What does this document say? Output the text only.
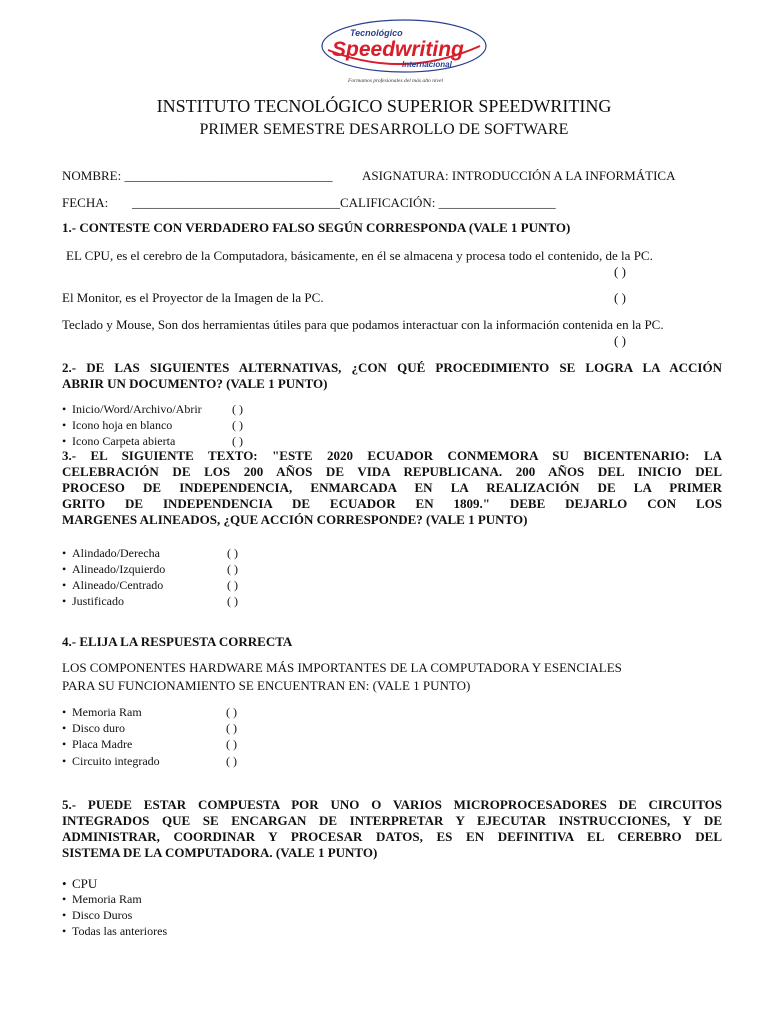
Tecnológico
Speedwriting
Internacional
Formamos profesionales del más alto nivel
INSTITUTO TECNOLÓGICO SUPERIOR SPEEDWRITING
PRIMER SEMESTRE DESARROLLO DE SOFTWARE
NOMBRE: ________________________________ ASIGNATURA: INTRODUCCIÓN A LA INFORMÁTICA
FECHA: ________________________________CALIFICACIÓN: __________________
1.- CONTESTE CON VERDADERO FALSO SEGÚN CORRESPONDA (VALE 1 PUNTO)
EL CPU, es el cerebro de la Computadora, básicamente, en él se almacena y procesa todo el contenido, de la PC.
( )
El Monitor, es el Proyector de la Imagen de la PC.	( )
Teclado y Mouse, Son dos herramientas útiles para que podamos interactuar con la información contenida en la PC.
( )
2.- DE LAS SIGUIENTES ALTERNATIVAS, ¿CON QUÉ PROCEDIMIENTO SE LOGRA LA ACCIÓN
ABRIR UN DOCUMENTO? (VALE 1 PUNTO)
• Inicio/Word/Archivo/Abrir	( )
• Icono hoja en blanco	( )
• Icono Carpeta abierta	( )
3.- EL SIGUIENTE TEXTO: "ESTE 2020 ECUADOR CONMEMORA SU BICENTENARIO: LA
CELEBRACIÓN DE LOS 200 AÑOS DE VIDA REPUBLICANA. 200 AÑOS DEL INICIO DEL
PROCESO DE INDEPENDENCIA, ENMARCADA EN LA REALIZACIÓN DE LA PRIMER
GRITO DE INDEPENDENCIA DE ECUADOR EN 1809." DEBE DEJARLO CON LOS
MARGENES ALINEADOS, ¿QUE ACCIÓN CORRESPONDE? (VALE 1 PUNTO)
• Alindado/Derecha	( )
• Alineado/Izquierdo	( )
• Alineado/Centrado	( )
• Justificado	( )
4.- ELIJA LA RESPUESTA CORRECTA
LOS COMPONENTES HARDWARE MÁS IMPORTANTES DE LA COMPUTADORA Y ESENCIALES
PARA SU FUNCIONAMIENTO SE ENCUENTRAN EN: (VALE 1 PUNTO)
• Memoria Ram	( )
• Disco duro	( )
• Placa Madre	( )
• Circuito integrado	( )
5.- PUEDE ESTAR COMPUESTA POR UNO O VARIOS MICROPROCESADORES DE CIRCUITOS
INTEGRADOS QUE SE ENCARGAN DE INTERPRETAR Y EJECUTAR INSTRUCCIONES, Y DE
ADMINISTRAR, COORDINAR Y PROCESAR DATOS, ES EN DEFINITIVA EL CEREBRO DEL
SISTEMA DE LA COMPUTADORA. (VALE 1 PUNTO)
• CPU
• Memoria Ram
• Disco Duros
• Todas las anteriores
